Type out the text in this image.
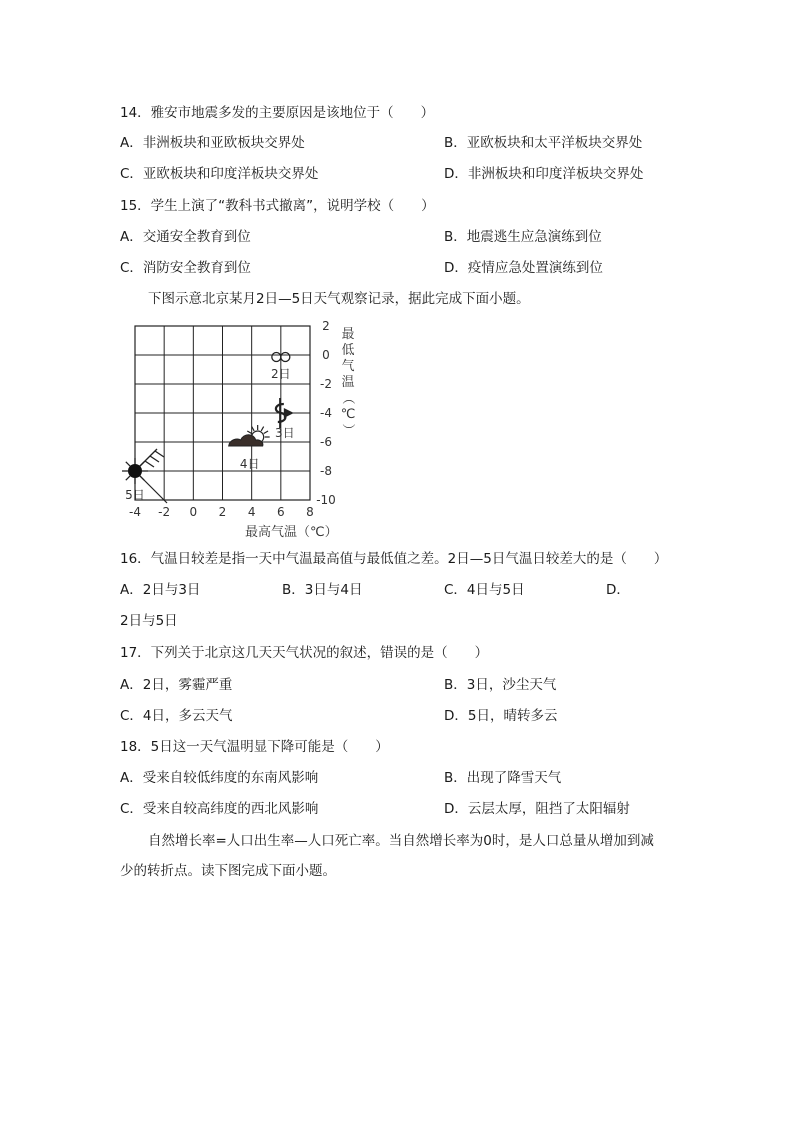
14．雅安市地震多发的主要原因是该地位于（　　）
A．非洲板块和亚欧板块交界处	B．亚欧板块和太平洋板块交界处
C．亚欧板块和印度洋板块交界处	D．非洲板块和印度洋板块交界处
15．学生上演了“教科书式撤离”，说明学校（　　）
A．交通安全教育到位	B．地震逃生应急演练到位
C．消防安全教育到位	D．疫情应急处置演练到位
下图示意北京某月2日—5日天气观察记录，据此完成下面小题。
-4 -2 0 2 4 6 8
2
0
-2
-4
-6
-8
-10
2日
3日
4日
5日
最
低
气
温
（
℃
）
最高气温（℃）
16．气温日较差是指一天中气温最高值与最低值之差。2日—5日气温日较差大的是（　　）
A．2日与3日	B．3日与4日	C．4日与5日	D．
2日与5日
17．下列关于北京这几天天气状况的叙述，错误的是（　　）
A．2日，雾霾严重	B．3日，沙尘天气
C．4日，多云天气	D．5日，晴转多云
18．5日这一天气温明显下降可能是（　　）
A．受来自较低纬度的东南风影响	B．出现了降雪天气
C．受来自较高纬度的西北风影响	D．云层太厚，阻挡了太阳辐射
自然增长率=人口出生率—人口死亡率。当自然增长率为0时，是人口总量从增加到减
少的转折点。读下图完成下面小题。
